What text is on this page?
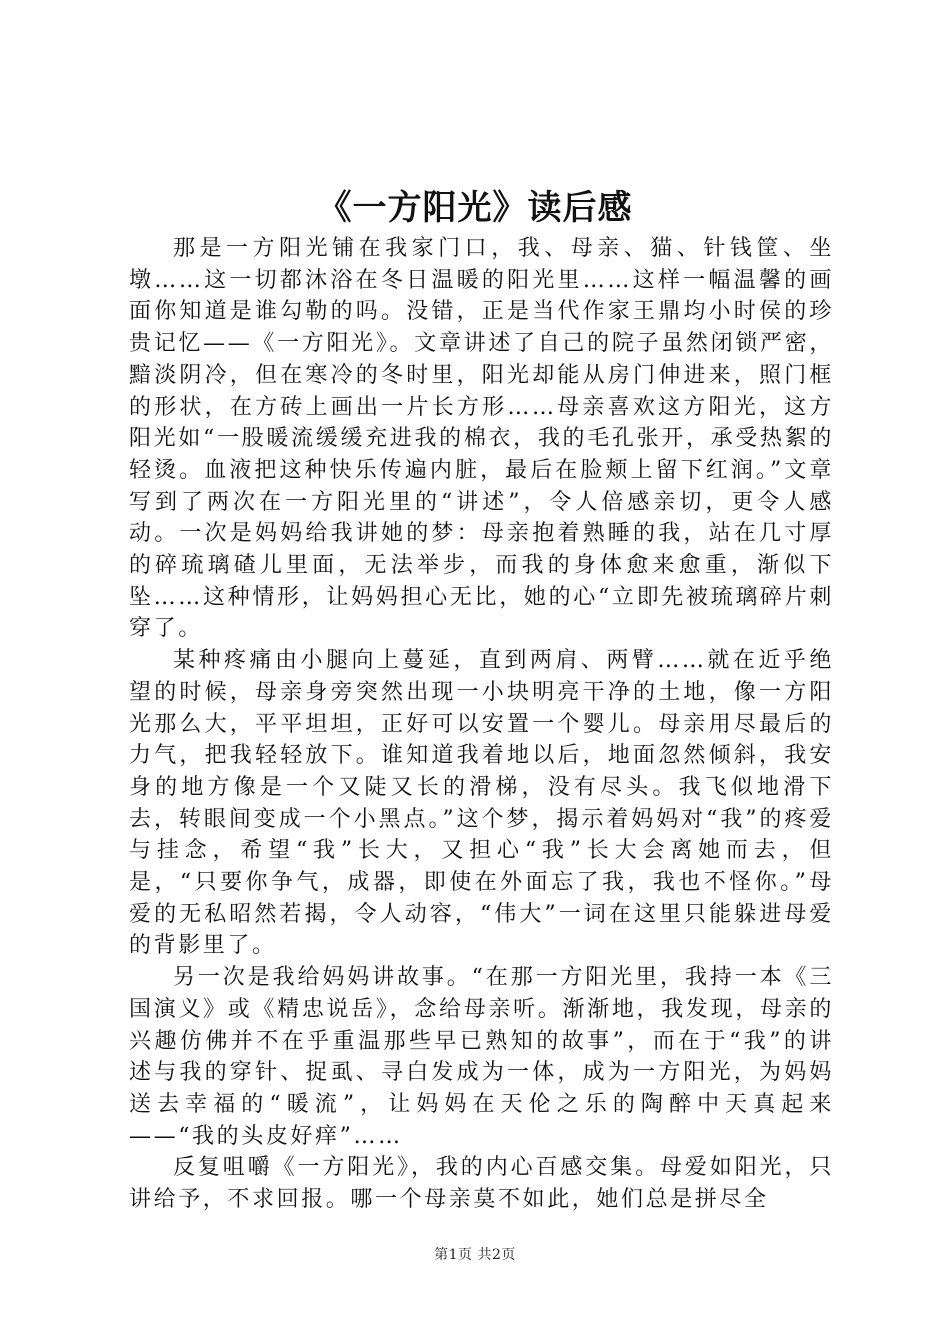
《一方阳光》读后感

那是一方阳光铺在我家门口，我、母亲、猫、针钱筐、坐墩……这一切都沐浴在冬日温暖的阳光里……这样一幅温馨的画面你知道是谁勾勒的吗。没错，正是当代作家王鼎均小时侯的珍贵记忆——《一方阳光》。文章讲述了自己的院子虽然闭锁严密，黯淡阴冷，但在寒冷的冬时里，阳光却能从房门伸进来，照门框的形状，在方砖上画出一片长方形……母亲喜欢这方阳光，这方阳光如“一股暖流缓缓充进我的棉衣，我的毛孔张开，承受热絮的轻烫。血液把这种快乐传遍内脏，最后在脸颊上留下红润。”文章写到了两次在一方阳光里的“讲述”，令人倍感亲切，更令人感动。一次是妈妈给我讲她的梦：母亲抱着熟睡的我，站在几寸厚的碎琉璃碴儿里面，无法举步，而我的身体愈来愈重，渐似下坠……这种情形，让妈妈担心无比，她的心“立即先被琉璃碎片刺穿了。

某种疼痛由小腿向上蔓延，直到两肩、两臂……就在近乎绝望的时候，母亲身旁突然出现一小块明亮干净的土地，像一方阳光那么大，平平坦坦，正好可以安置一个婴儿。母亲用尽最后的力气，把我轻轻放下。谁知道我着地以后，地面忽然倾斜，我安身的地方像是一个又陡又长的滑梯，没有尽头。我飞似地滑下去，转眼间变成一个小黑点。”这个梦，揭示着妈妈对“我”的疼爱与挂念，希望“我”长大，又担心“我”长大会离她而去，但是，“只要你争气，成器，即使在外面忘了我，我也不怪你。”母爱的无私昭然若揭，令人动容，“伟大”一词在这里只能躲进母爱的背影里了。

另一次是我给妈妈讲故事。“在那一方阳光里，我持一本《三国演义》或《精忠说岳》，念给母亲听。渐渐地，我发现，母亲的兴趣仿佛并不在乎重温那些早已熟知的故事”，而在于“我”的讲述与我的穿针、捉虱、寻白发成为一体，成为一方阳光，为妈妈送去幸福的“暖流”，让妈妈在天伦之乐的陶醉中天真起来——“我的头皮好痒”……

反复咀嚼《一方阳光》，我的内心百感交集。母爱如阳光，只讲给予，不求回报。哪一个母亲莫不如此，她们总是拼尽全

第1页 共2页
